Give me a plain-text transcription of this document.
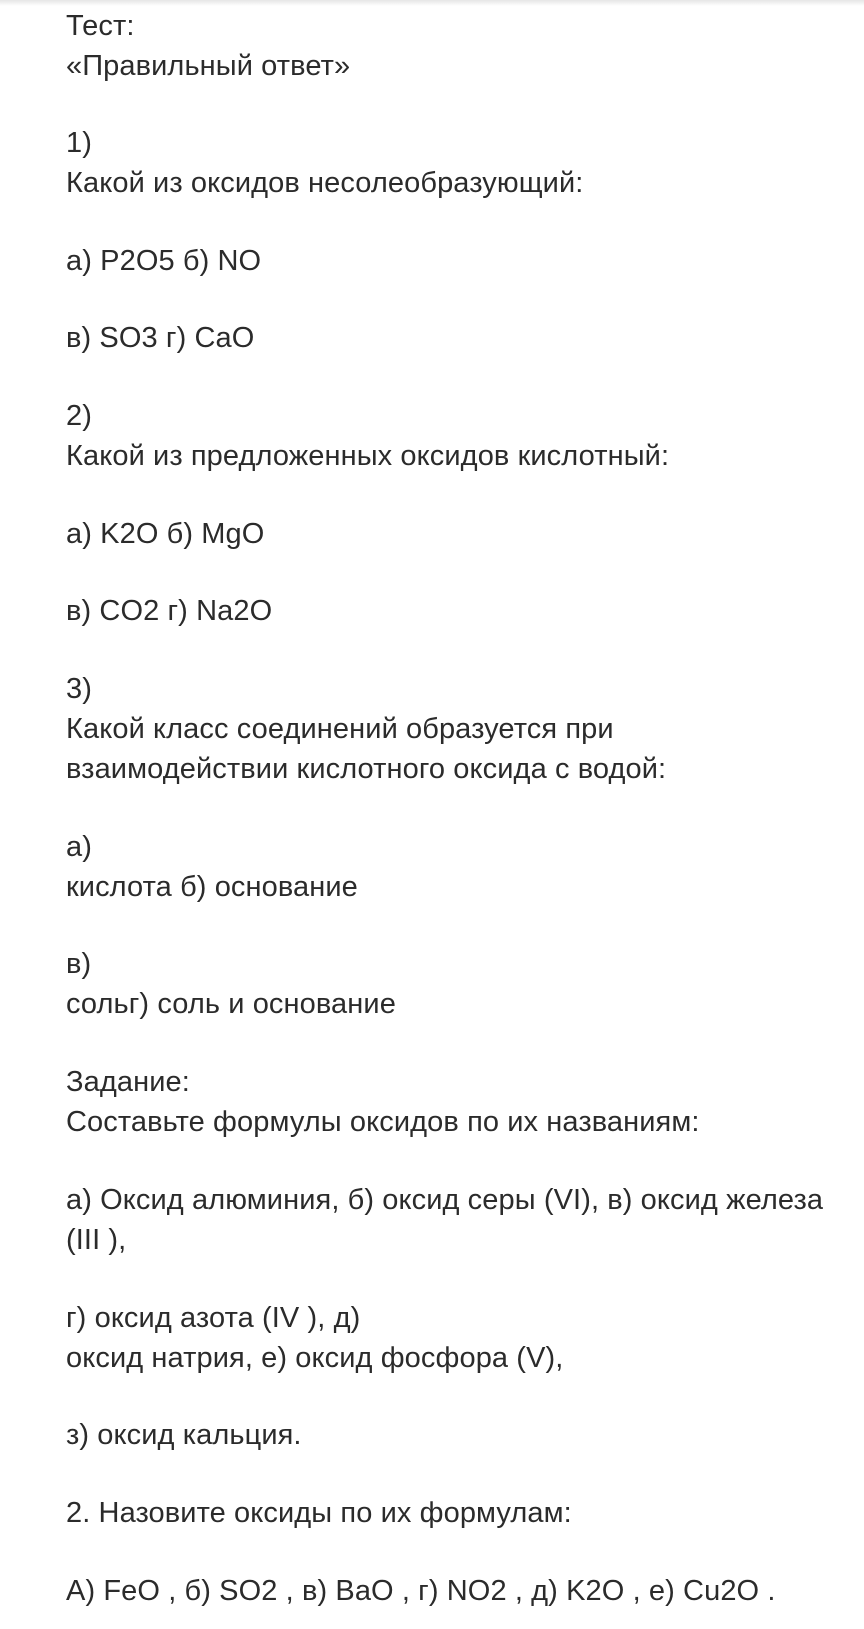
Тест:
«Правильный ответ»
1)
Какой из оксидов несолеобразующий:
а) P2O5 б) NO
в) SO3 г) CaO
2)
Какой из предложенных оксидов кислотный:
а) K2O б) MgO
в) CO2 г) Na2O
3)
Какой класс соединений образуется при
взаимодействии кислотного оксида с водой:
а)
кислота б) основание
в)
сольг) соль и основание
Задание:
Составьте формулы оксидов по их названиям:
а) Оксид алюминия, б) оксид серы (VI), в) оксид железа
(III ),
г) оксид азота (IV ), д)
оксид натрия, е) оксид фосфора (V),
з) оксид кальция.
2. Назовите оксиды по их формулам:
А) FeO , б) SO2 , в) BaO , г) NO2 , д) K2O , е) Cu2O .
